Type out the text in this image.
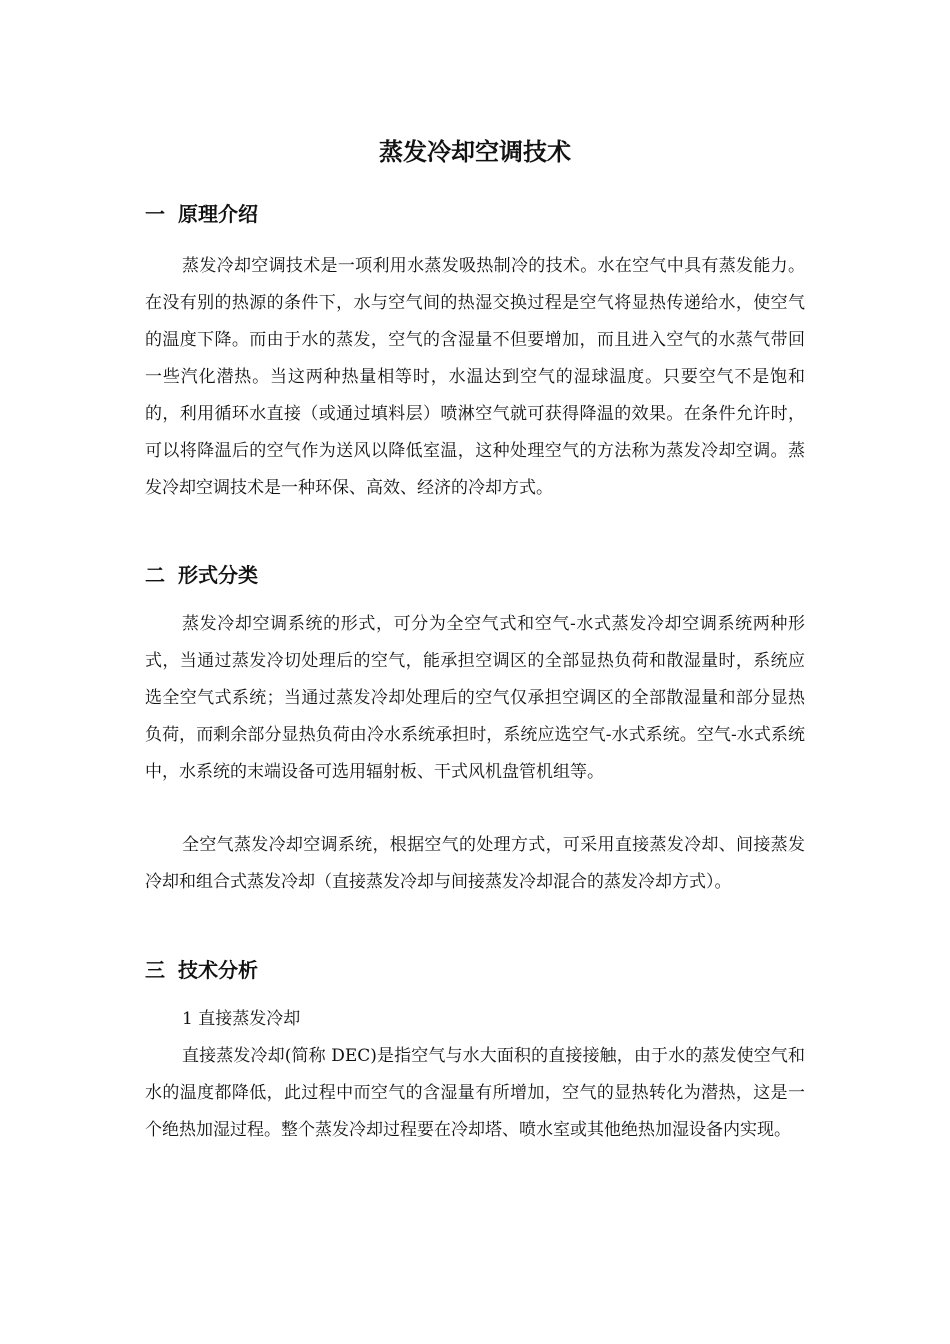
蒸发冷却空调技术
一 原理介绍

蒸发冷却空调技术是一项利用水蒸发吸热制冷的技术。水在空气中具有蒸发能力。在没有别的热源的条件下，水与空气间的热湿交换过程是空气将显热传递给水，使空气的温度下降。而由于水的蒸发，空气的含湿量不但要增加，而且进入空气的水蒸气带回一些汽化潜热。当这两种热量相等时，水温达到空气的湿球温度。只要空气不是饱和的，利用循环水直接（或通过填料层）喷淋空气就可获得降温的效果。在条件允许时，可以将降温后的空气作为送风以降低室温，这种处理空气的方法称为蒸发冷却空调。蒸发冷却空调技术是一种环保、高效、经济的冷却方式。

二 形式分类

蒸发冷却空调系统的形式，可分为全空气式和空气-水式蒸发冷却空调系统两种形式，当通过蒸发冷切处理后的空气，能承担空调区的全部显热负荷和散湿量时，系统应选全空气式系统；当通过蒸发冷却处理后的空气仅承担空调区的全部散湿量和部分显热负荷，而剩余部分显热负荷由冷水系统承担时，系统应选空气-水式系统。空气-水式系统中，水系统的末端设备可选用辐射板、干式风机盘管机组等。

全空气蒸发冷却空调系统，根据空气的处理方式，可采用直接蒸发冷却、间接蒸发冷却和组合式蒸发冷却（直接蒸发冷却与间接蒸发冷却混合的蒸发冷却方式）。

三 技术分析

1 直接蒸发冷却

直接蒸发冷却(简称 DEC)是指空气与水大面积的直接接触，由于水的蒸发使空气和水的温度都降低，此过程中而空气的含湿量有所增加，空气的显热转化为潜热，这是一个绝热加湿过程。整个蒸发冷却过程要在冷却塔、喷水室或其他绝热加湿设备内实现。
